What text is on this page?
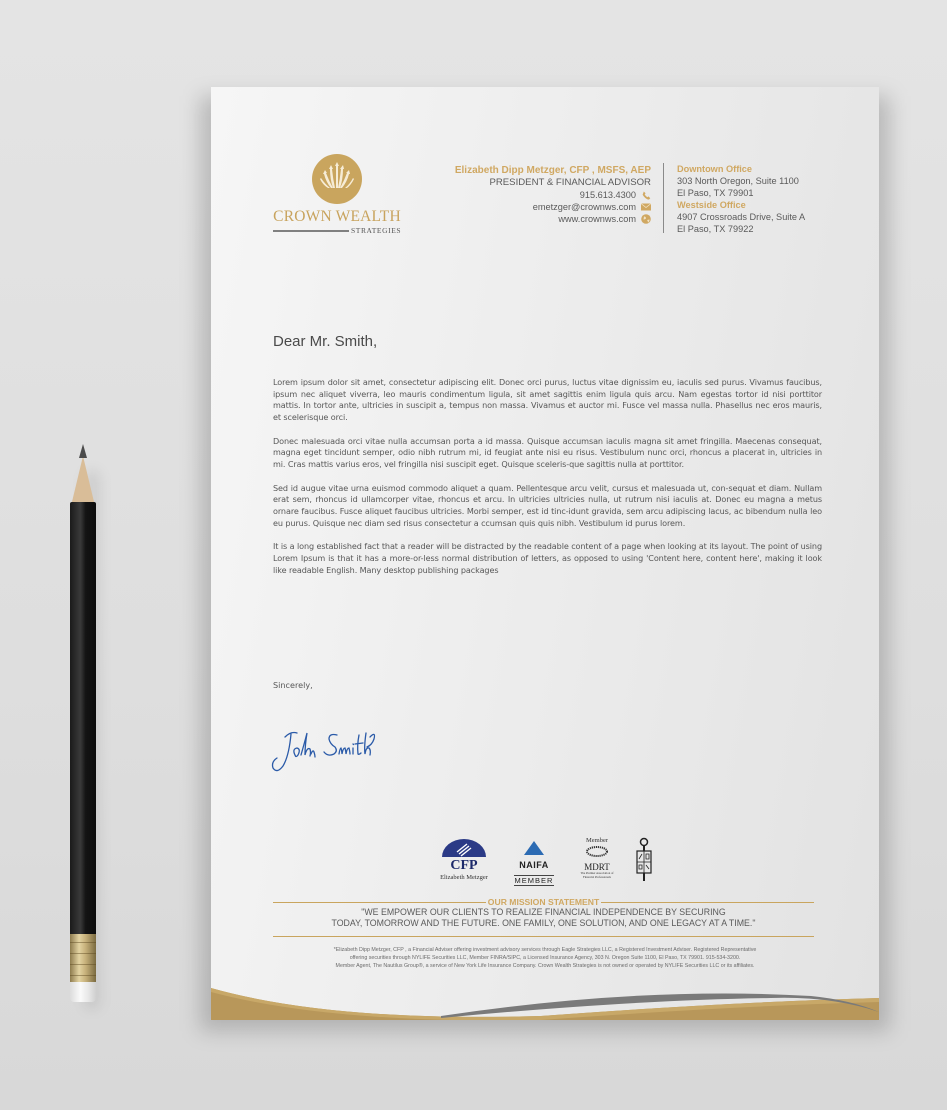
CROWN WEALTH
STRATEGIES
Elizabeth Dipp Metzger, CFP , MSFS, AEP
PRESIDENT & FINANCIAL ADVISOR
915.613.4300
emetzger@crownws.com
www.crownws.com
Downtown Office
303 North Oregon, Suite 1100
El Paso, TX 79901
Westside Office
4907 Crossroads Drive, Suite A
El Paso, TX 79922
Dear Mr. Smith,

Lorem ipsum dolor sit amet, consectetur adipiscing elit. Donec orci purus, luctus vitae dignissim eu, iaculis sed purus. Vivamus faucibus, ipsum nec aliquet viverra, leo mauris condimentum ligula, sit amet sagittis enim ligula quis arcu. Nam egestas tortor id nisi porttitor mattis. In tortor ante, ultricies in suscipit a, tempus non massa. Vivamus et auctor mi. Fusce vel massa nulla. Phasellus nec eros mauris, et scelerisque orci.

Donec malesuada orci vitae nulla accumsan porta a id massa. Quisque accumsan iaculis magna sit amet fringilla. Maecenas consequat, magna eget tincidunt semper, odio nibh rutrum mi, id feugiat ante nisi eu risus. Vestibulum nunc orci, rhoncus a placerat in, ultricies in mi. Cras mattis varius eros, vel fringilla nisi suscipit eget. Quisque sceleris-que sagittis nulla at porttitor.

Sed id augue vitae urna euismod commodo aliquet a quam. Pellentesque arcu velit, cursus et malesuada ut, con-sequat et diam. Nullam erat sem, rhoncus id ullamcorper vitae, rhoncus et arcu. In ultricies ultricies nulla, ut rutrum nisi iaculis at. Donec eu magna a metus ornare faucibus. Fusce aliquet faucibus ultricies. Morbi semper, est id tinc-idunt gravida, sem arcu adipiscing lacus, ac bibendum nulla leo eu purus. Quisque nec diam sed risus consectetur a ccumsan quis quis nibh. Vestibulum id purus lorem.

It is a long established fact that a reader will be distracted by the readable content of a page when looking at its layout. The point of using Lorem Ipsum is that it has a more-or-less normal distribution of letters, as opposed to using 'Content here, content here', making it look like readable English. Many desktop publishing packages

Sincerely,
CFP
Elizabeth Metzger
NAIFA
MEMBER
Member
MDRT
The Premier Association of Financial Professionals
OUR MISSION STATEMENT
"WE EMPOWER OUR CLIENTS TO REALIZE FINANCIAL INDEPENDENCE BY SECURING
TODAY, TOMORROW AND THE FUTURE. ONE FAMILY, ONE SOLUTION, AND ONE LEGACY AT A TIME."
*Elizabeth Dipp Metzger, CFP , a Financial Adviser offering investment advisory services through Eagle Strategies LLC, a Registered Investment Adviser. Registered Representative
offering securities through NYLIFE Securities LLC, Member FINRA/SIPC, a Licensed Insurance Agency, 303 N. Oregon Suite 1100, El Paso, TX 79901. 915-534-3200.
Member Agent, The Nautilus Group®, a service of New York Life Insurance Company. Crown Wealth Strategies is not owned or operated by NYLIFE Securities LLC or its affiliates.
